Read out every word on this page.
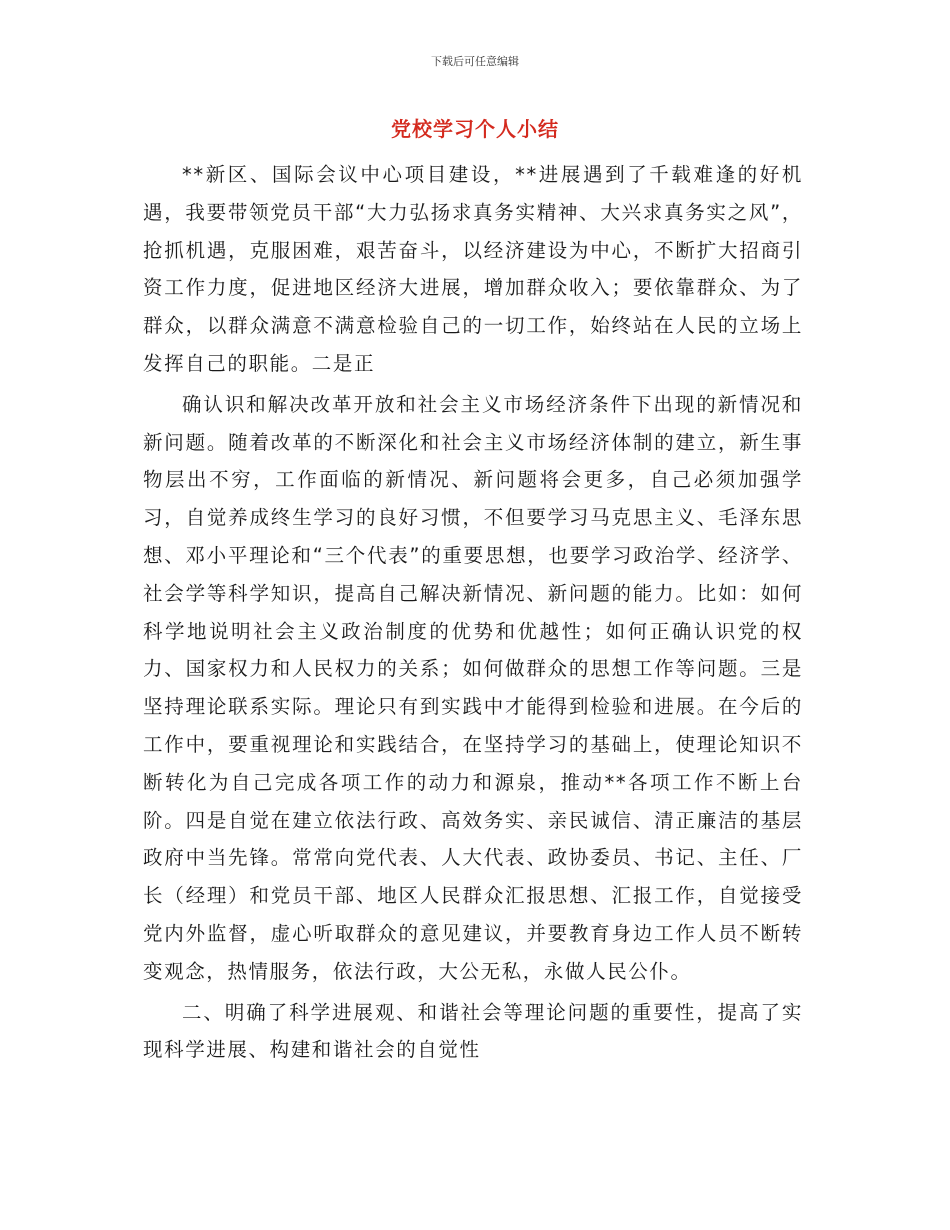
下载后可任意编辑
党校学习个人小结

**新区、国际会议中心项目建设，**进展遇到了千载难逢的好机遇，我要带领党员干部“大力弘扬求真务实精神、大兴求真务实之风”，抢抓机遇，克服困难，艰苦奋斗，以经济建设为中心，不断扩大招商引资工作力度，促进地区经济大进展，增加群众收入；要依靠群众、为了群众，以群众满意不满意检验自己的一切工作，始终站在人民的立场上发挥自己的职能。二是正

确认识和解决改革开放和社会主义市场经济条件下出现的新情况和新问题。随着改革的不断深化和社会主义市场经济体制的建立，新生事物层出不穷，工作面临的新情况、新问题将会更多，自己必须加强学习，自觉养成终生学习的良好习惯，不但要学习马克思主义、毛泽东思想、邓小平理论和“三个代表”的重要思想，也要学习政治学、经济学、社会学等科学知识，提高自己解决新情况、新问题的能力。比如：如何科学地说明社会主义政治制度的优势和优越性；如何正确认识党的权力、国家权力和人民权力的关系；如何做群众的思想工作等问题。三是坚持理论联系实际。理论只有到实践中才能得到检验和进展。在今后的工作中，要重视理论和实践结合，在坚持学习的基础上，使理论知识不断转化为自己完成各项工作的动力和源泉，推动**各项工作不断上台阶。四是自觉在建立依法行政、高效务实、亲民诚信、清正廉洁的基层政府中当先锋。常常向党代表、人大代表、政协委员、书记、主任、厂长（经理）和党员干部、地区人民群众汇报思想、汇报工作，自觉接受党内外监督，虚心听取群众的意见建议，并要教育身边工作人员不断转变观念，热情服务，依法行政，大公无私，永做人民公仆。

二、明确了科学进展观、和谐社会等理论问题的重要性，提高了实现科学进展、构建和谐社会的自觉性
